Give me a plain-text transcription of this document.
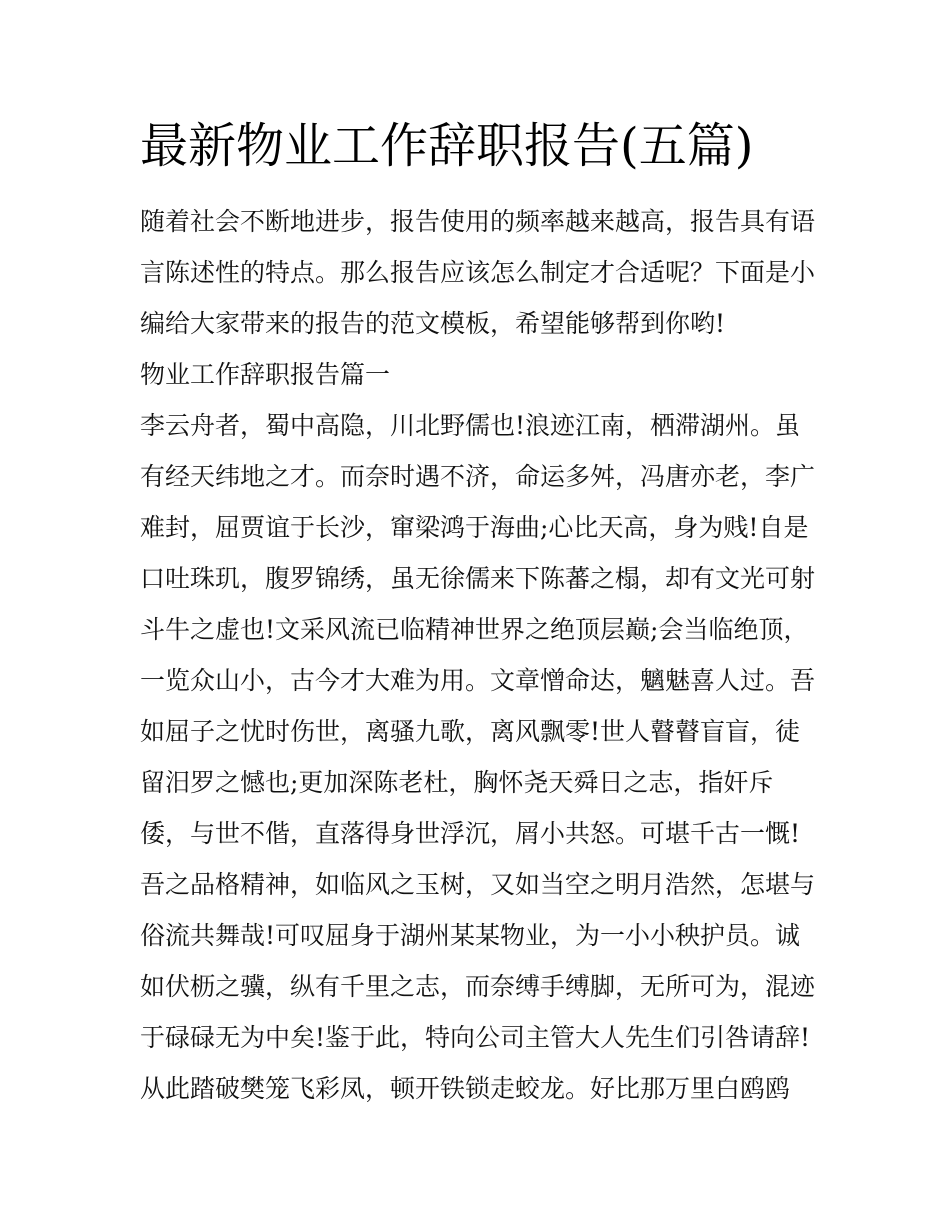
最新物业工作辞职报告(五篇)

随着社会不断地进步，报告使用的频率越来越高，报告具有语

言陈述性的特点。那么报告应该怎么制定才合适呢？下面是小

编给大家带来的报告的范文模板，希望能够帮到你哟!

物业工作辞职报告篇一

李云舟者，蜀中高隐，川北野儒也!浪迹江南，栖滞湖州。虽

有经天纬地之才。而奈时遇不济，命运多舛，冯唐亦老，李广

难封，屈贾谊于长沙，窜梁鸿于海曲;心比天高，身为贱!自是

口吐珠玑，腹罗锦绣，虽无徐儒来下陈蕃之榻，却有文光可射

斗牛之虚也!文采风流已临精神世界之绝顶层巅;会当临绝顶，

一览众山小，古今才大难为用。文章憎命达，魑魅喜人过。吾

如屈子之忧时伤世，离骚九歌，离风飘零!世人瞽瞽盲盲，徒

留汨罗之憾也;更加深陈老杜，胸怀尧天舜日之志，指奸斥

倭，与世不偕，直落得身世浮沉，屑小共怒。可堪千古一慨!

吾之品格精神，如临风之玉树，又如当空之明月浩然，怎堪与

俗流共舞哉!可叹屈身于湖州某某物业，为一小小秧护员。诚

如伏枥之骥，纵有千里之志，而奈缚手缚脚，无所可为，混迹

于碌碌无为中矣!鉴于此，特向公司主管大人先生们引咎请辞!

从此踏破樊笼飞彩凤，顿开铁锁走蛟龙。好比那万里白鸥鸥
